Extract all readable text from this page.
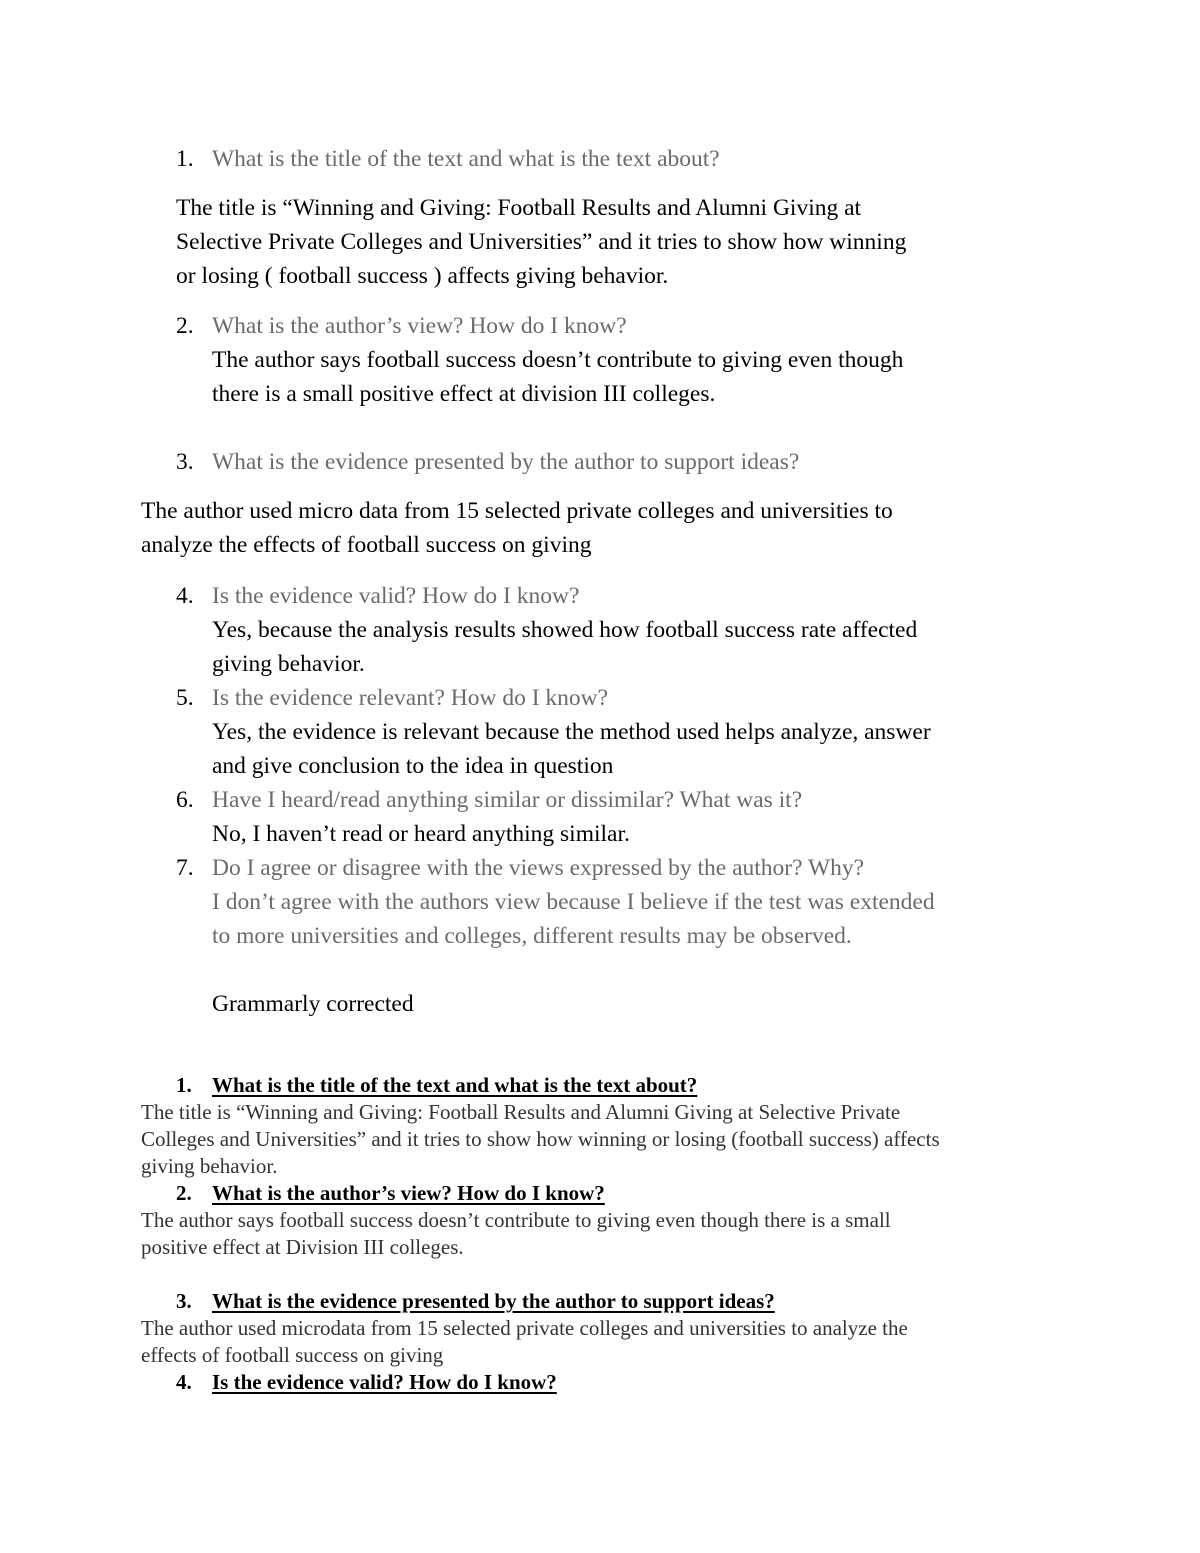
1. What is the title of the text and what is the text about?
The title is “Winning and Giving: Football Results and Alumni Giving at
Selective Private Colleges and Universities” and it tries to show how winning
or losing ( football success ) affects giving behavior.
2. What is the author’s view? How do I know?
The author says football success doesn’t contribute to giving even though
there is a small positive effect at division III colleges.
3. What is the evidence presented by the author to support ideas?
The author used micro data from 15 selected private colleges and universities to
analyze the effects of football success on giving
4. Is the evidence valid? How do I know?
Yes, because the analysis results showed how football success rate affected
giving behavior.
5. Is the evidence relevant? How do I know?
Yes, the evidence is relevant because the method used helps analyze, answer
and give conclusion to the idea in question
6. Have I heard/read anything similar or dissimilar? What was it?
No, I haven’t read or heard anything similar.
7. Do I agree or disagree with the views expressed by the author? Why?
I don’t agree with the authors view because I believe if the test was extended
to more universities and colleges, different results may be observed.
Grammarly corrected
1. What is the title of the text and what is the text about?
The title is “Winning and Giving: Football Results and Alumni Giving at Selective Private
Colleges and Universities” and it tries to show how winning or losing (football success) affects
giving behavior.
2. What is the author’s view? How do I know?
The author says football success doesn’t contribute to giving even though there is a small
positive effect at Division III colleges.
3. What is the evidence presented by the author to support ideas?
The author used microdata from 15 selected private colleges and universities to analyze the
effects of football success on giving
4. Is the evidence valid? How do I know?
